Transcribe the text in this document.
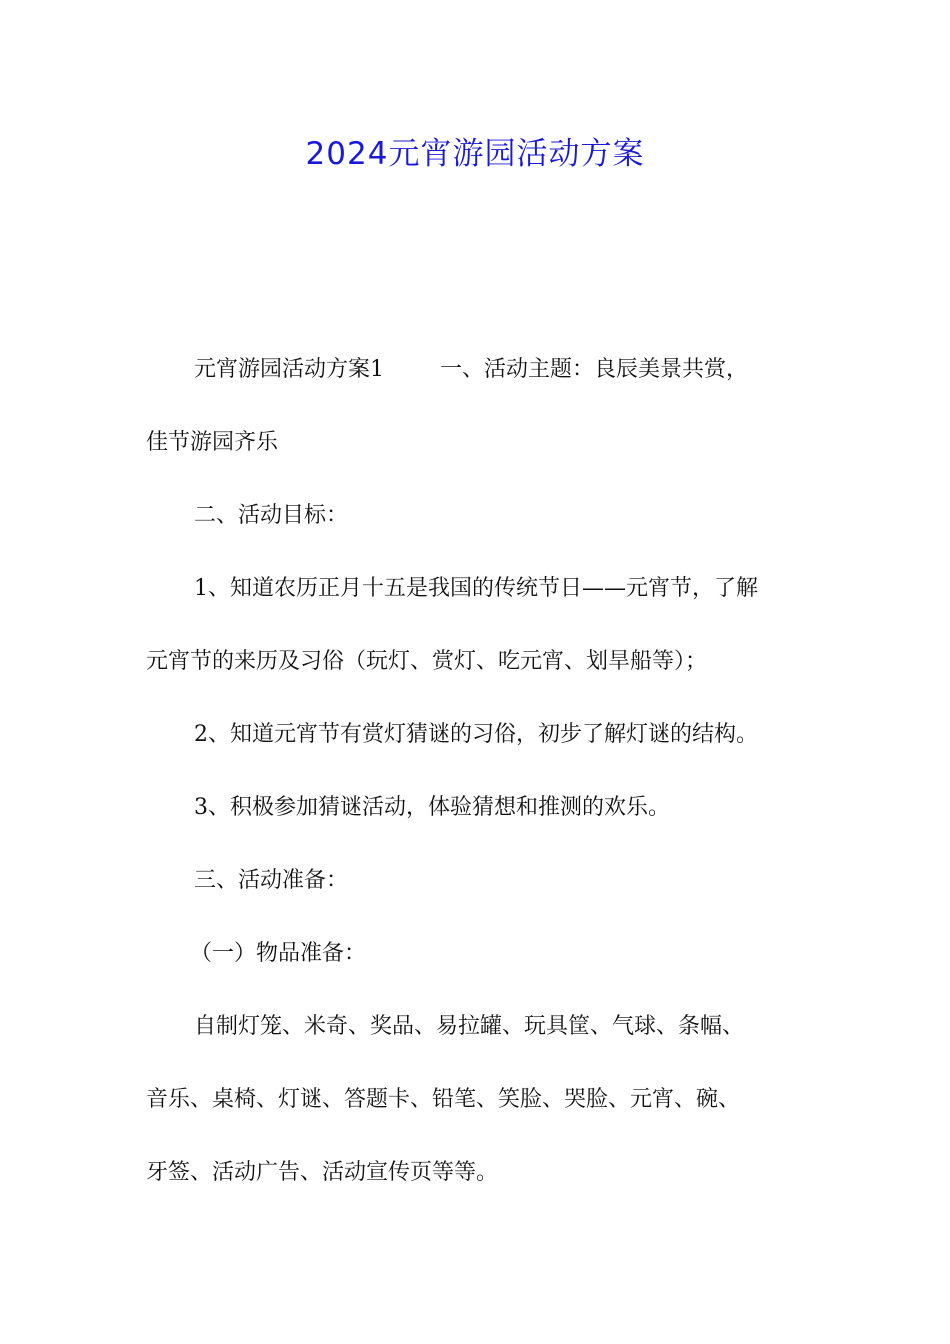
2024元宵游园活动方案

元宵游园活动方案1	一、活动主题：良辰美景共赏，

佳节游园齐乐

二、活动目标：

1、知道农历正月十五是我国的传统节日——元宵节，了解

元宵节的来历及习俗（玩灯、赏灯、吃元宵、划旱船等）；

2、知道元宵节有赏灯猜谜的习俗，初步了解灯谜的结构。

3、积极参加猜谜活动，体验猜想和推测的欢乐。

三、活动准备：

（一）物品准备：

自制灯笼、米奇、奖品、易拉罐、玩具筐、气球、条幅、

音乐、桌椅、灯谜、答题卡、铅笔、笑脸、哭脸、元宵、碗、

牙签、活动广告、活动宣传页等等。
